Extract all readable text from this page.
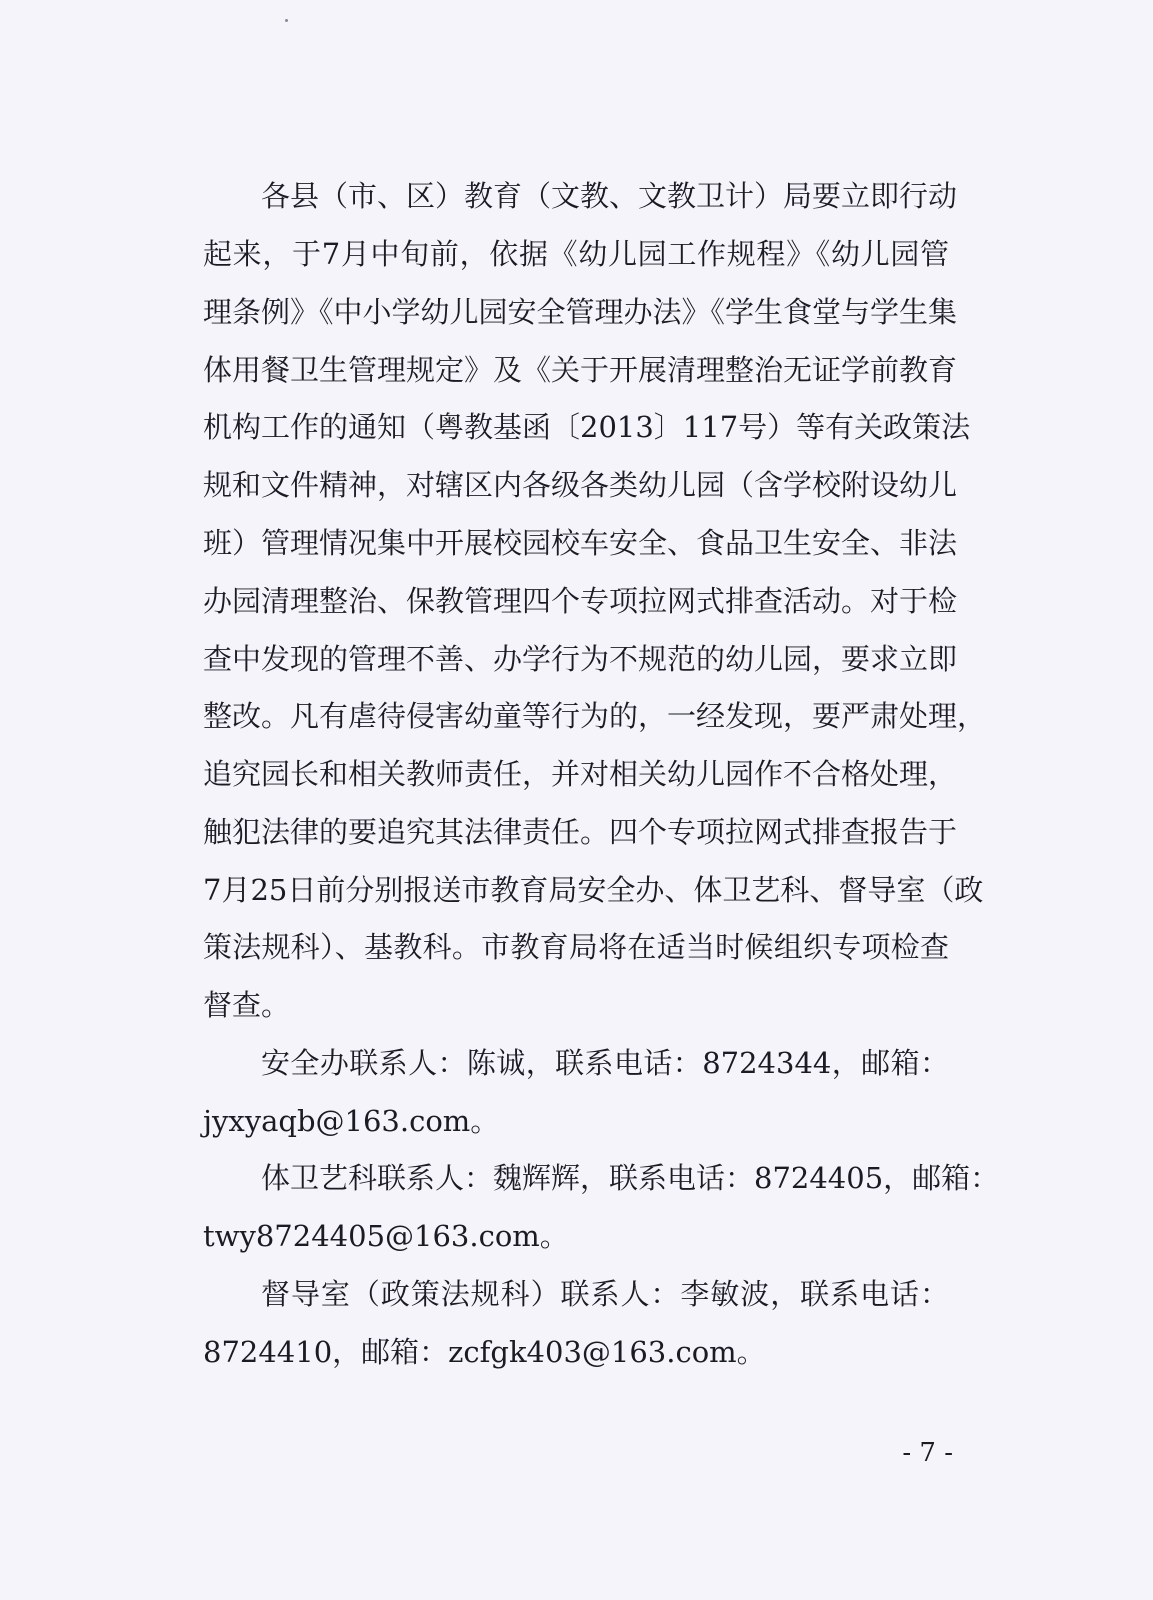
各县（市、区）教育（文教、文教卫计）局要立即行动
起来，于7月中旬前，依据《幼儿园工作规程》《幼儿园管
理条例》《中小学幼儿园安全管理办法》《学生食堂与学生集
体用餐卫生管理规定》及《关于开展清理整治无证学前教育
机构工作的通知（粤教基函〔2013〕117号）等有关政策法
规和文件精神，对辖区内各级各类幼儿园（含学校附设幼儿
班）管理情况集中开展校园校车安全、食品卫生安全、非法
办园清理整治、保教管理四个专项拉网式排查活动。对于检
查中发现的管理不善、办学行为不规范的幼儿园，要求立即
整改。凡有虐待侵害幼童等行为的，一经发现，要严肃处理，
追究园长和相关教师责任，并对相关幼儿园作不合格处理，
触犯法律的要追究其法律责任。四个专项拉网式排查报告于
7月25日前分别报送市教育局安全办、体卫艺科、督导室（政
策法规科）、基教科。市教育局将在适当时候组织专项检查
督查。
安全办联系人：陈诚，联系电话：8724344，邮箱：
jyxyaqb@163.com。
体卫艺科联系人：魏辉辉，联系电话：8724405，邮箱：
twy8724405@163.com。
督导室（政策法规科）联系人：李敏波，联系电话：
8724410，邮箱：zcfgk403@163.com。
- 7 -
